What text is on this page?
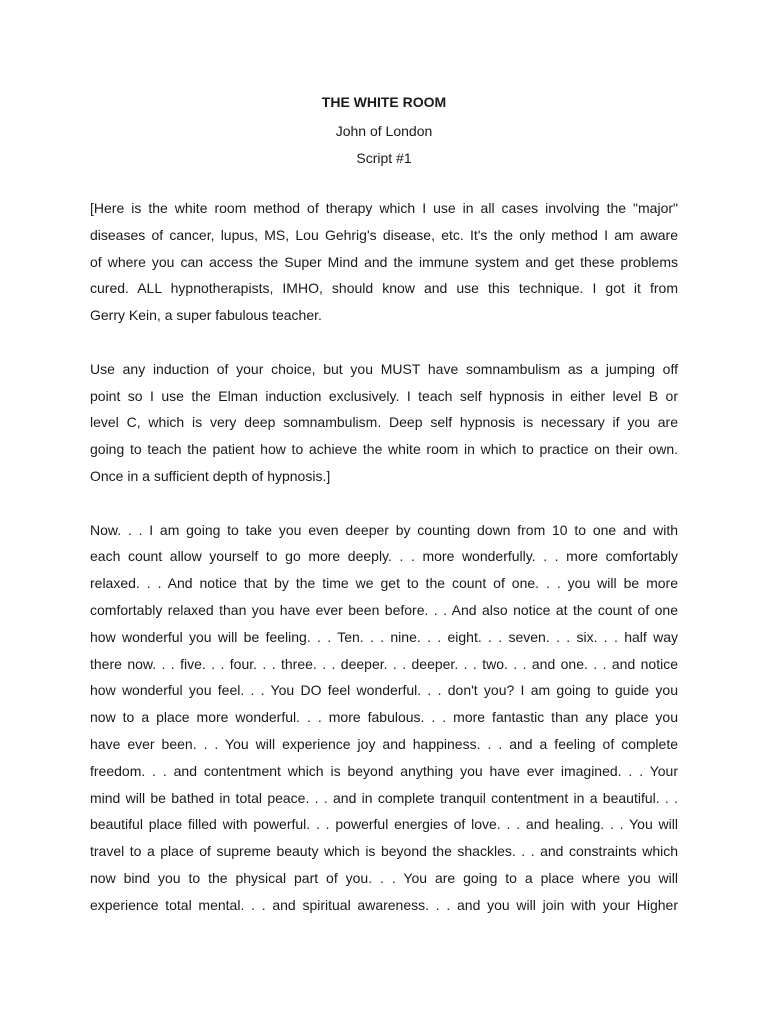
THE WHITE ROOM

John of London

Script #1

[Here is the white room method of therapy which I use in all cases involving the "major"
diseases of cancer, lupus, MS, Lou Gehrig's disease, etc. It's the only method I am aware
of where you can access the Super Mind and the immune system and get these problems
cured. ALL hypnotherapists, IMHO, should know and use this technique. I got it from
Gerry Kein, a super fabulous teacher.
Use any induction of your choice, but you MUST have somnambulism as a jumping off
point so I use the Elman induction exclusively. I teach self hypnosis in either level B or
level C, which is very deep somnambulism. Deep self hypnosis is necessary if you are
going to teach the patient how to achieve the white room in which to practice on their own.
Once in a sufficient depth of hypnosis.]
Now. . . I am going to take you even deeper by counting down from 10 to one and with
each count allow yourself to go more deeply. . . more wonderfully. . . more comfortably
relaxed. . . And notice that by the time we get to the count of one. . . you will be more
comfortably relaxed than you have ever been before. . . And also notice at the count of one
how wonderful you will be feeling. . . Ten. . . nine. . . eight. . . seven. . . six. . . half way
there now. . . five. . . four. . . three. . . deeper. . . deeper. . . two. . . and one. . . and notice
how wonderful you feel. . . You DO feel wonderful. . . don't you? I am going to guide you
now to a place more wonderful. . . more fabulous. . . more fantastic than any place you
have ever been. . . You will experience joy and happiness. . . and a feeling of complete
freedom. . . and contentment which is beyond anything you have ever imagined. . . Your
mind will be bathed in total peace. . . and in complete tranquil contentment in a beautiful. . .
beautiful place filled with powerful. . . powerful energies of love. . . and healing. . . You will
travel to a place of supreme beauty which is beyond the shackles. . . and constraints which
now bind you to the physical part of you. . . You are going to a place where you will
experience total mental. . . and spiritual awareness. . . and you will join with your Higher
